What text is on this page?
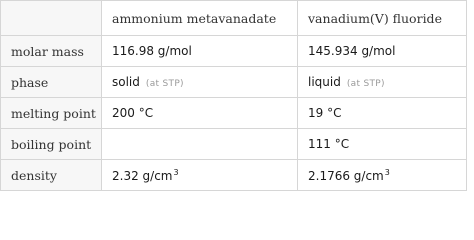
	ammonium metavanadate	vanadium(V) fluoride
molar mass	116.98 g/mol	145.934 g/mol
phase	solid (at STP)	liquid (at STP)
melting point	200 °C	19 °C
boiling point		111 °C
density	2.32 $g/cm^3$	2.1766 $g/cm^3$
